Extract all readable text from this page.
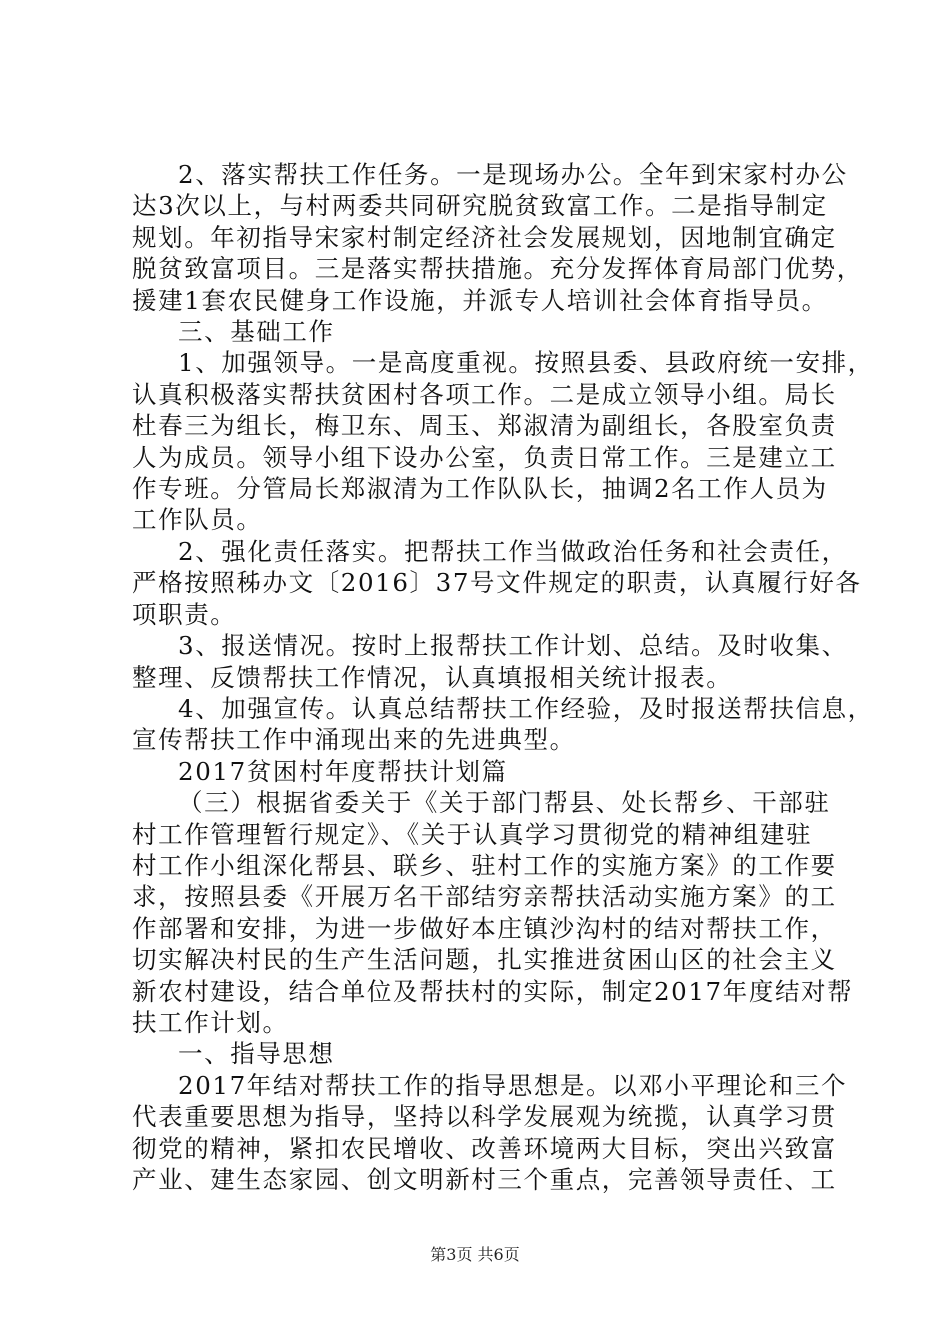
2、落实帮扶工作任务。一是现场办公。全年到宋家村办公
达3次以上，与村两委共同研究脱贫致富工作。二是指导制定
规划。年初指导宋家村制定经济社会发展规划，因地制宜确定
脱贫致富项目。三是落实帮扶措施。充分发挥体育局部门优势，
援建1套农民健身工作设施，并派专人培训社会体育指导员。
三、基础工作
1、加强领导。一是高度重视。按照县委、县政府统一安排，
认真积极落实帮扶贫困村各项工作。二是成立领导小组。局长
杜春三为组长，梅卫东、周玉、郑淑清为副组长，各股室负责
人为成员。领导小组下设办公室，负责日常工作。三是建立工
作专班。分管局长郑淑清为工作队队长，抽调2名工作人员为
工作队员。
2、强化责任落实。把帮扶工作当做政治任务和社会责任，
严格按照秭办文〔2016〕37号文件规定的职责，认真履行好各
项职责。
3、报送情况。按时上报帮扶工作计划、总结。及时收集、
整理、反馈帮扶工作情况，认真填报相关统计报表。
4、加强宣传。认真总结帮扶工作经验，及时报送帮扶信息，
宣传帮扶工作中涌现出来的先进典型。
2017贫困村年度帮扶计划篇
（三）根据省委关于《关于部门帮县、处长帮乡、干部驻
村工作管理暂行规定》、《关于认真学习贯彻党的精神组建驻
村工作小组深化帮县、联乡、驻村工作的实施方案》的工作要
求，按照县委《开展万名干部结穷亲帮扶活动实施方案》的工
作部署和安排，为进一步做好本庄镇沙沟村的结对帮扶工作，
切实解决村民的生产生活问题，扎实推进贫困山区的社会主义
新农村建设，结合单位及帮扶村的实际，制定2017年度结对帮
扶工作计划。
一、指导思想
2017年结对帮扶工作的指导思想是。以邓小平理论和三个
代表重要思想为指导，坚持以科学发展观为统揽，认真学习贯
彻党的精神，紧扣农民增收、改善环境两大目标，突出兴致富
产业、建生态家园、创文明新村三个重点，完善领导责任、工
第3页 共6页
